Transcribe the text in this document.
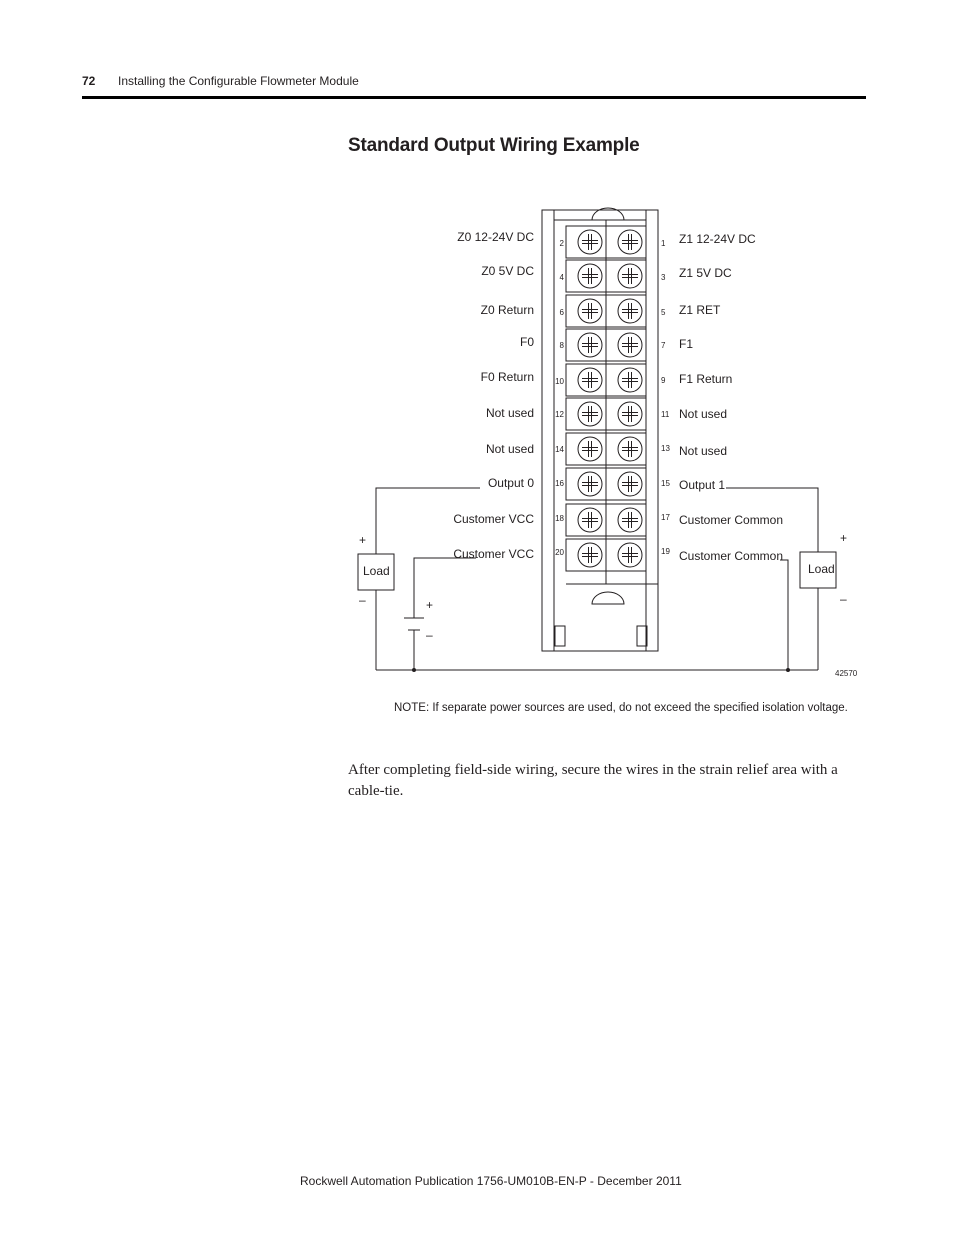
72 Installing the Configurable Flowmeter Module
Standard Output Wiring Example
Z0 12-24V DC	2
Z0 5V DC	4
Z0 Return	6
F0	8
F0 Return	10
Not used	12
Not used	14
Output 0	16
Customer VCC	18
Customer VCC	20
1 Z1 12-24V DC
3 Z1 5V DC
5 Z1 RET
7 F1
9 F1 Return
11 Not used
13 Not used
15 Output 1
17 Customer Common
19 Customer Common
Load	Load
+
–	+
–
+
–
42570
NOTE: If separate power sources are used, do not exceed the specified isolation voltage.
After completing field-side wiring, secure the wires in the strain relief area with a cable-tie.
Rockwell Automation Publication 1756-UM010B-EN-P - December 2011
